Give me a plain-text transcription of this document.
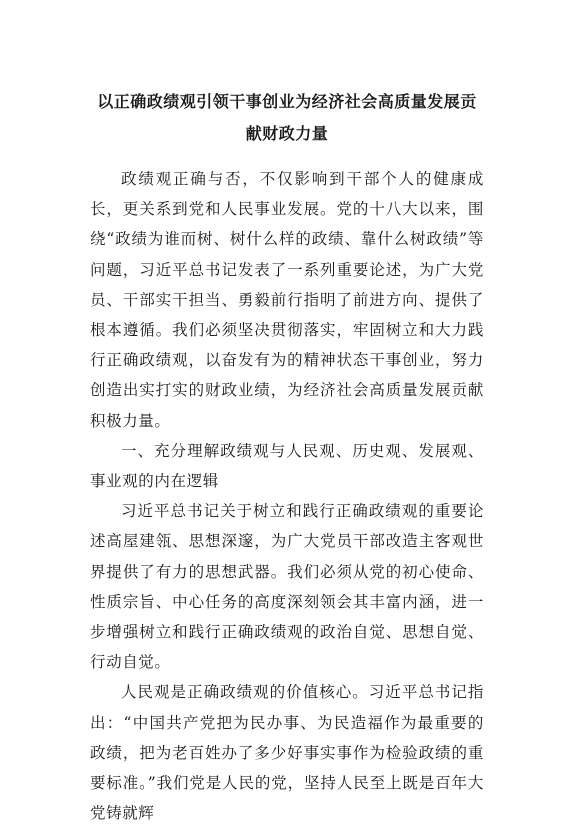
以正确政绩观引领干事创业为经济社会高质量发展贡献财政力量

政绩观正确与否，不仅影响到干部个人的健康成长，更关系到党和人民事业发展。党的十八大以来，围绕“政绩为谁而树、树什么样的政绩、靠什么树政绩”等问题，习近平总书记发表了一系列重要论述，为广大党员、干部实干担当、勇毅前行指明了前进方向、提供了根本遵循。我们必须坚决贯彻落实，牢固树立和大力践行正确政绩观，以奋发有为的精神状态干事创业，努力创造出实打实的财政业绩，为经济社会高质量发展贡献积极力量。

一、充分理解政绩观与人民观、历史观、发展观、事业观的内在逻辑

习近平总书记关于树立和践行正确政绩观的重要论述高屋建瓴、思想深邃，为广大党员干部改造主客观世界提供了有力的思想武器。我们必须从党的初心使命、性质宗旨、中心任务的高度深刻领会其丰富内涵，进一步增强树立和践行正确政绩观的政治自觉、思想自觉、行动自觉。

人民观是正确政绩观的价值核心。习近平总书记指出：“中国共产党把为民办事、为民造福作为最重要的政绩，把为老百姓办了多少好事实事作为检验政绩的重要标准。”我们党是人民的党，坚持人民至上既是百年大党铸就辉
